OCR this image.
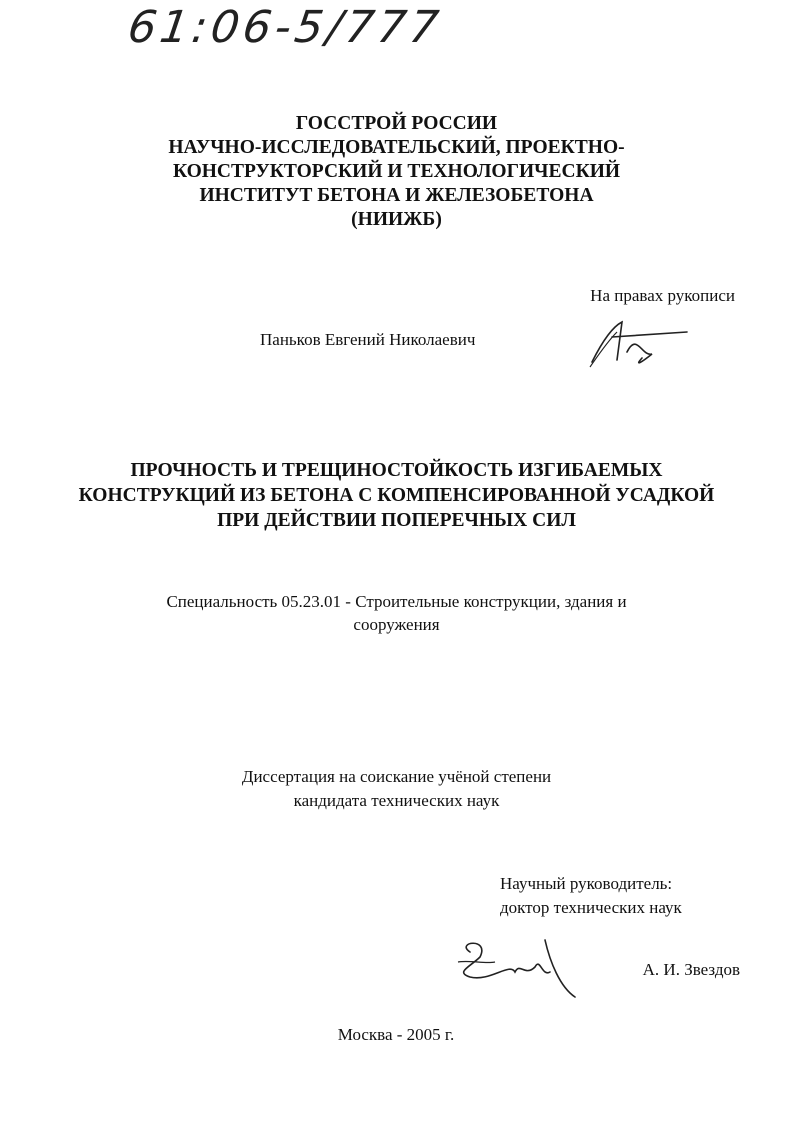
61:06-5/777
ГОССТРОЙ РОССИИ
НАУЧНО-ИССЛЕДОВАТЕЛЬСКИЙ, ПРОЕКТНО-
КОНСТРУКТОРСКИЙ И ТЕХНОЛОГИЧЕСКИЙ
ИНСТИТУТ БЕТОНА И ЖЕЛЕЗОБЕТОНА
(НИИЖБ)
На правах рукописи
Паньков Евгений Николаевич
ПРОЧНОСТЬ И ТРЕЩИНОСТОЙКОСТЬ ИЗГИБАЕМЫХ
КОНСТРУКЦИЙ ИЗ БЕТОНА С КОМПЕНСИРОВАННОЙ УСАДКОЙ
ПРИ ДЕЙСТВИИ ПОПЕРЕЧНЫХ СИЛ
Специальность 05.23.01 - Строительные конструкции, здания и
сооружения
Диссертация на соискание учёной степени
кандидата технических наук
Научный руководитель:
доктор технических наук
А. И. Звездов
Москва - 2005 г.
